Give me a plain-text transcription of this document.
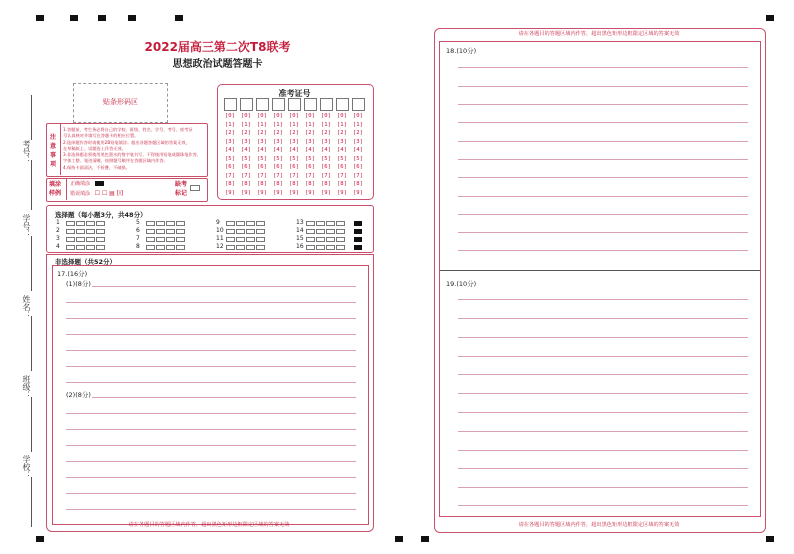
2022届高三第二次T8联考
思想政治试题答题卡
考号：
学号：
姓名：
班级：
学校：
贴条形码区
准考证号
[0] [0] [0] [0] [0] [0] [0] [0] [0]
[1] [1] [1] [1] [1] [1] [1] [1] [1]
[2] [2] [2] [2] [2] [2] [2] [2] [2]
[3] [3] [3] [3] [3] [3] [3] [3] [3]
[4] [4] [4] [4] [4] [4] [4] [4] [4]
[5] [5] [5] [5] [5] [5] [5] [5] [5]
[6] [6] [6] [6] [6] [6] [6] [6] [6]
[7] [7] [7] [7] [7] [7] [7] [7] [7]
[8] [8] [8] [8] [8] [8] [8] [8] [8]
[9] [9] [9] [9] [9] [9] [9] [9] [9]
注
意
事
项
1.答题前，考生务必将自己的学校、班级、姓名、学号、考号、座考证
号认真核对并填写在答题卡的相应位置。
2.选择题作答时请使用2B铅笔填涂；超出各题答题区域的答案无效，
在草稿纸上、试题卷上作答无效。
3.非选择题必须使用黑色墨水的签字笔书写，不得使用铅笔或圆珠笔作答，
字体工整、笔迹清晰，按照题号顺序在答题区域内作答。
4.保持卡面清洁，不折叠，不破损。
填涂
样例
正确填涂
错误填涂 ☐ ☐ ▤ [Ⅰ]
缺考
标记
选择题（每小题3分，共48分）
1
2
3
4
5
6
7
8
9
10
11
12
13
14
15
16
非选择题（共52分）
17.(16分)
(1)(8分)
(2)(8分)
请在各题目的答题区域内作答，超出黑色矩形边框限定区域的答案无效
请在各题目的答题区域内作答，超出黑色矩形边框限定区域的答案无效
18.(10分)
19.(10分)
请在各题目的答题区域内作答，超出黑色矩形边框限定区域的答案无效
